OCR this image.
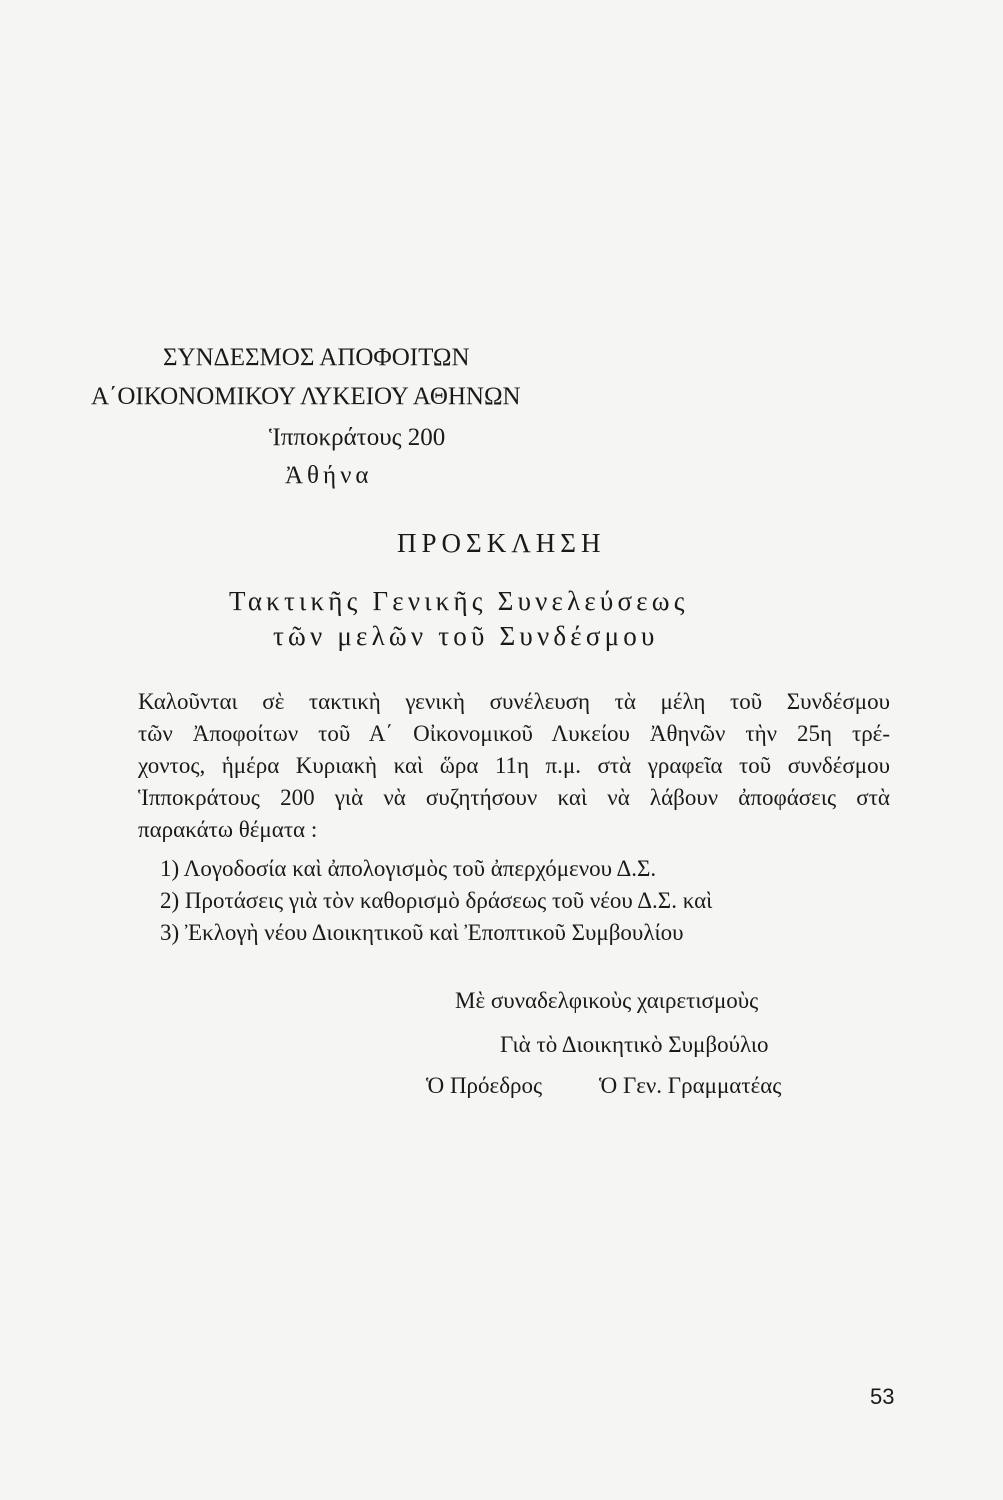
ΣΥΝΔΕΣΜΟΣ ΑΠΟΦΟΙΤΩΝ
Α΄ΟΙΚΟΝΟΜΙΚΟΥ ΛΥΚΕΙΟΥ ΑΘΗΝΩΝ
Ἱπποκράτους 200
Ἀθήνα
ΠΡΟΣΚΛΗΣΗ
Τακτικῆς Γενικῆς Συνελεύσεως
τῶν μελῶν τοῦ Συνδέσμου
Καλοῦνται σὲ τακτικὴ γενικὴ συνέλευση τὰ μέλη τοῦ Συνδέσμου
τῶν Ἀποφοίτων τοῦ Α΄ Οἰκονομικοῦ Λυκείου Ἀθηνῶν τὴν 25η τρέ-
χοντος, ἡμέρα Κυριακὴ καὶ ὥρα 11η π.μ. στὰ γραφεῖα τοῦ συνδέσμου
Ἱπποκράτους 200 γιὰ νὰ συζητήσουν καὶ νὰ λάβουν ἀποφάσεις στὰ
παρακάτω θέματα :
1) Λογοδοσία καὶ ἀπολογισμὸς τοῦ ἀπερχόμενου Δ.Σ.
2) Προτάσεις γιὰ τὸν καθορισμὸ δράσεως τοῦ νέου Δ.Σ. καὶ
3) Ἐκλογὴ νέου Διοικητικοῦ καὶ Ἐποπτικοῦ Συμβουλίου
Μὲ συναδελφικοὺς χαιρετισμοὺς
Γιὰ τὸ Διοικητικὸ Συμβούλιο
Ὁ Πρόεδρος Ὁ Γεν. Γραμματέας
53
